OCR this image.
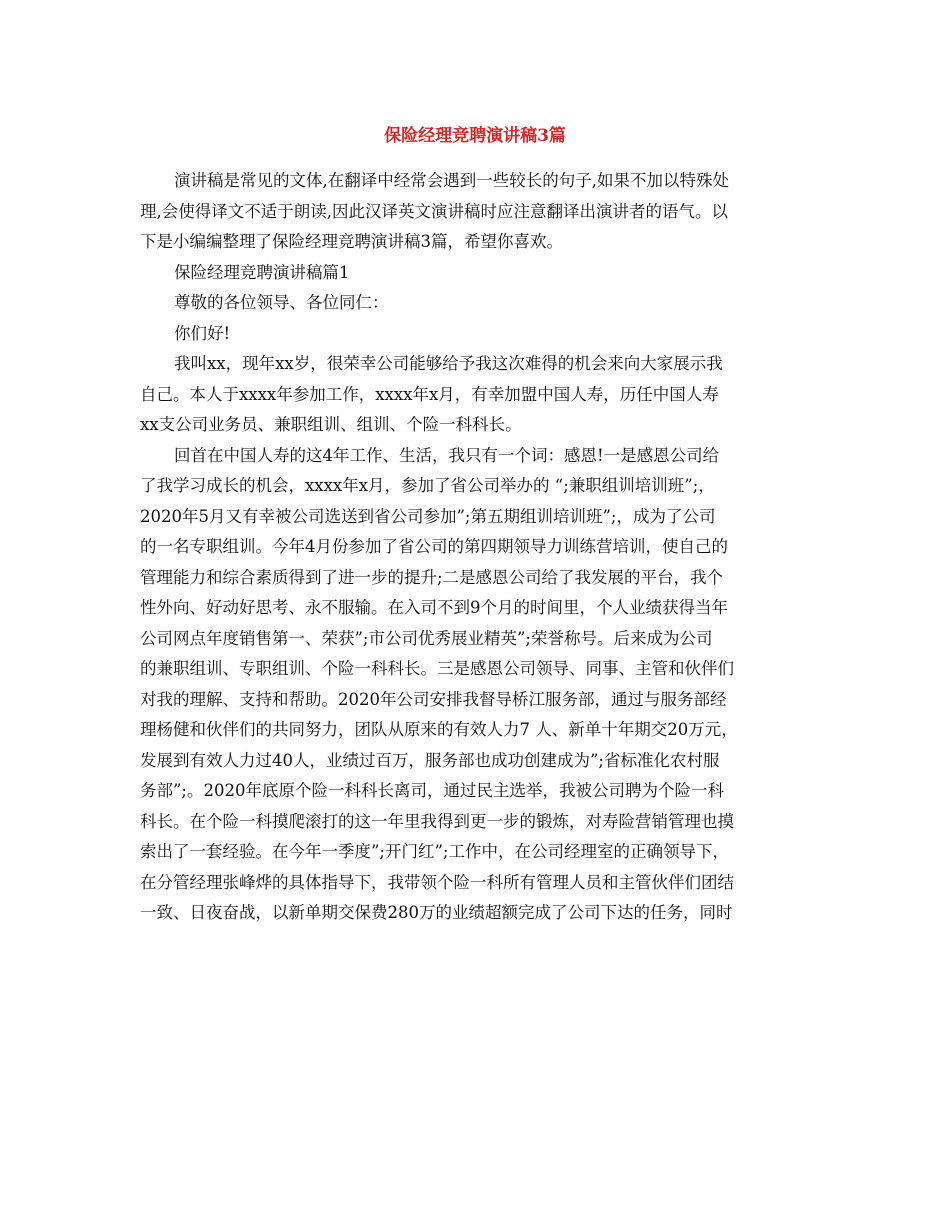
保险经理竞聘演讲稿3篇
演讲稿是常见的文体,在翻译中经常会遇到一些较长的句子,如果不加以特殊处
理,会使得译文不适于朗读,因此汉译英文演讲稿时应注意翻译出演讲者的语气。以
下是小编编整理了保险经理竞聘演讲稿3篇，希望你喜欢。
保险经理竞聘演讲稿篇1
尊敬的各位领导、各位同仁：
你们好!
我叫xx，现年xx岁，很荣幸公司能够给予我这次难得的机会来向大家展示我
自己。本人于xxxx年参加工作，xxxx年x月，有幸加盟中国人寿，历任中国人寿
xx支公司业务员、兼职组训、组训、个险一科科长。
回首在中国人寿的这4年工作、生活，我只有一个词：感恩!一是感恩公司给
了我学习成长的机会，xxxx年x月，参加了省公司举办的 “;兼职组训培训班”;，
2020年5月又有幸被公司选送到省公司参加”;第五期组训培训班”;，成为了公司
的一名专职组训。今年4月份参加了省公司的第四期领导力训练营培训，使自己的
管理能力和综合素质得到了进一步的提升;二是感恩公司给了我发展的平台，我个
性外向、好动好思考、永不服输。在入司不到9个月的时间里，个人业绩获得当年
公司网点年度销售第一、荣获”;市公司优秀展业精英”;荣誉称号。后来成为公司
的兼职组训、专职组训、个险一科科长。三是感恩公司领导、同事、主管和伙伴们
对我的理解、支持和帮助。2020年公司安排我督导桥江服务部，通过与服务部经
理杨健和伙伴们的共同努力，团队从原来的有效人力7 人、新单十年期交20万元，
发展到有效人力过40人，业绩过百万，服务部也成功创建成为”;省标准化农村服
务部”;。2020年底原个险一科科长离司，通过民主选举，我被公司聘为个险一科
科长。在个险一科摸爬滚打的这一年里我得到更一步的锻炼，对寿险营销管理也摸
索出了一套经验。在今年一季度”;开门红”;工作中，在公司经理室的正确领导下，
在分管经理张峰烨的具体指导下，我带领个险一科所有管理人员和主管伙伴们团结
一致、日夜奋战，以新单期交保费280万的业绩超额完成了公司下达的任务，同时
